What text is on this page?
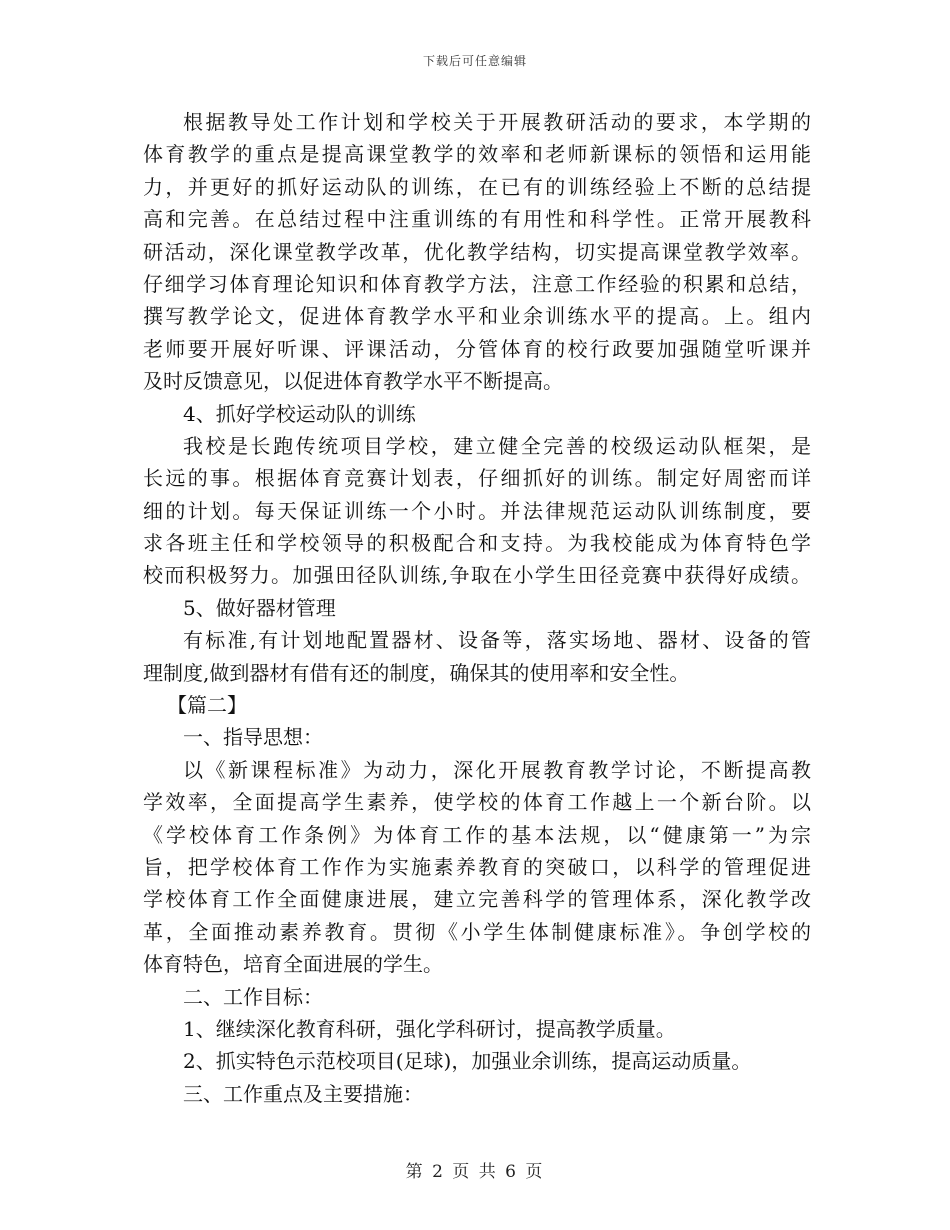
下载后可任意编辑
根据教导处工作计划和学校关于开展教研活动的要求，本学期的
体育教学的重点是提高课堂教学的效率和老师新课标的领悟和运用能
力，并更好的抓好运动队的训练，在已有的训练经验上不断的总结提
高和完善。在总结过程中注重训练的有用性和科学性。正常开展教科
研活动，深化课堂教学改革，优化教学结构，切实提高课堂教学效率。
仔细学习体育理论知识和体育教学方法，注意工作经验的积累和总结，
撰写教学论文，促进体育教学水平和业余训练水平的提高。上。组内
老师要开展好听课、评课活动，分管体育的校行政要加强随堂听课并
及时反馈意见，以促进体育教学水平不断提高。
4、抓好学校运动队的训练
我校是长跑传统项目学校，建立健全完善的校级运动队框架，是
长远的事。根据体育竞赛计划表，仔细抓好的训练。制定好周密而详
细的计划。每天保证训练一个小时。并法律规范运动队训练制度，要
求各班主任和学校领导的积极配合和支持。为我校能成为体育特色学
校而积极努力。加强田径队训练,争取在小学生田径竞赛中获得好成绩。
5、做好器材管理
有标准,有计划地配置器材、设备等，落实场地、器材、设备的管
理制度,做到器材有借有还的制度，确保其的使用率和安全性。
【篇二】
一、指导思想：
以《新课程标准》为动力，深化开展教育教学讨论，不断提高教
学效率，全面提高学生素养，使学校的体育工作越上一个新台阶。以
《学校体育工作条例》为体育工作的基本法规，以“健康第一”为宗
旨，把学校体育工作作为实施素养教育的突破口，以科学的管理促进
学校体育工作全面健康进展，建立完善科学的管理体系，深化教学改
革，全面推动素养教育。贯彻《小学生体制健康标准》。争创学校的
体育特色，培育全面进展的学生。
二、工作目标：
1、继续深化教育科研，强化学科研讨，提高教学质量。
2、抓实特色示范校项目(足球)，加强业余训练，提高运动质量。
三、工作重点及主要措施：
第 2 页 共 6 页
